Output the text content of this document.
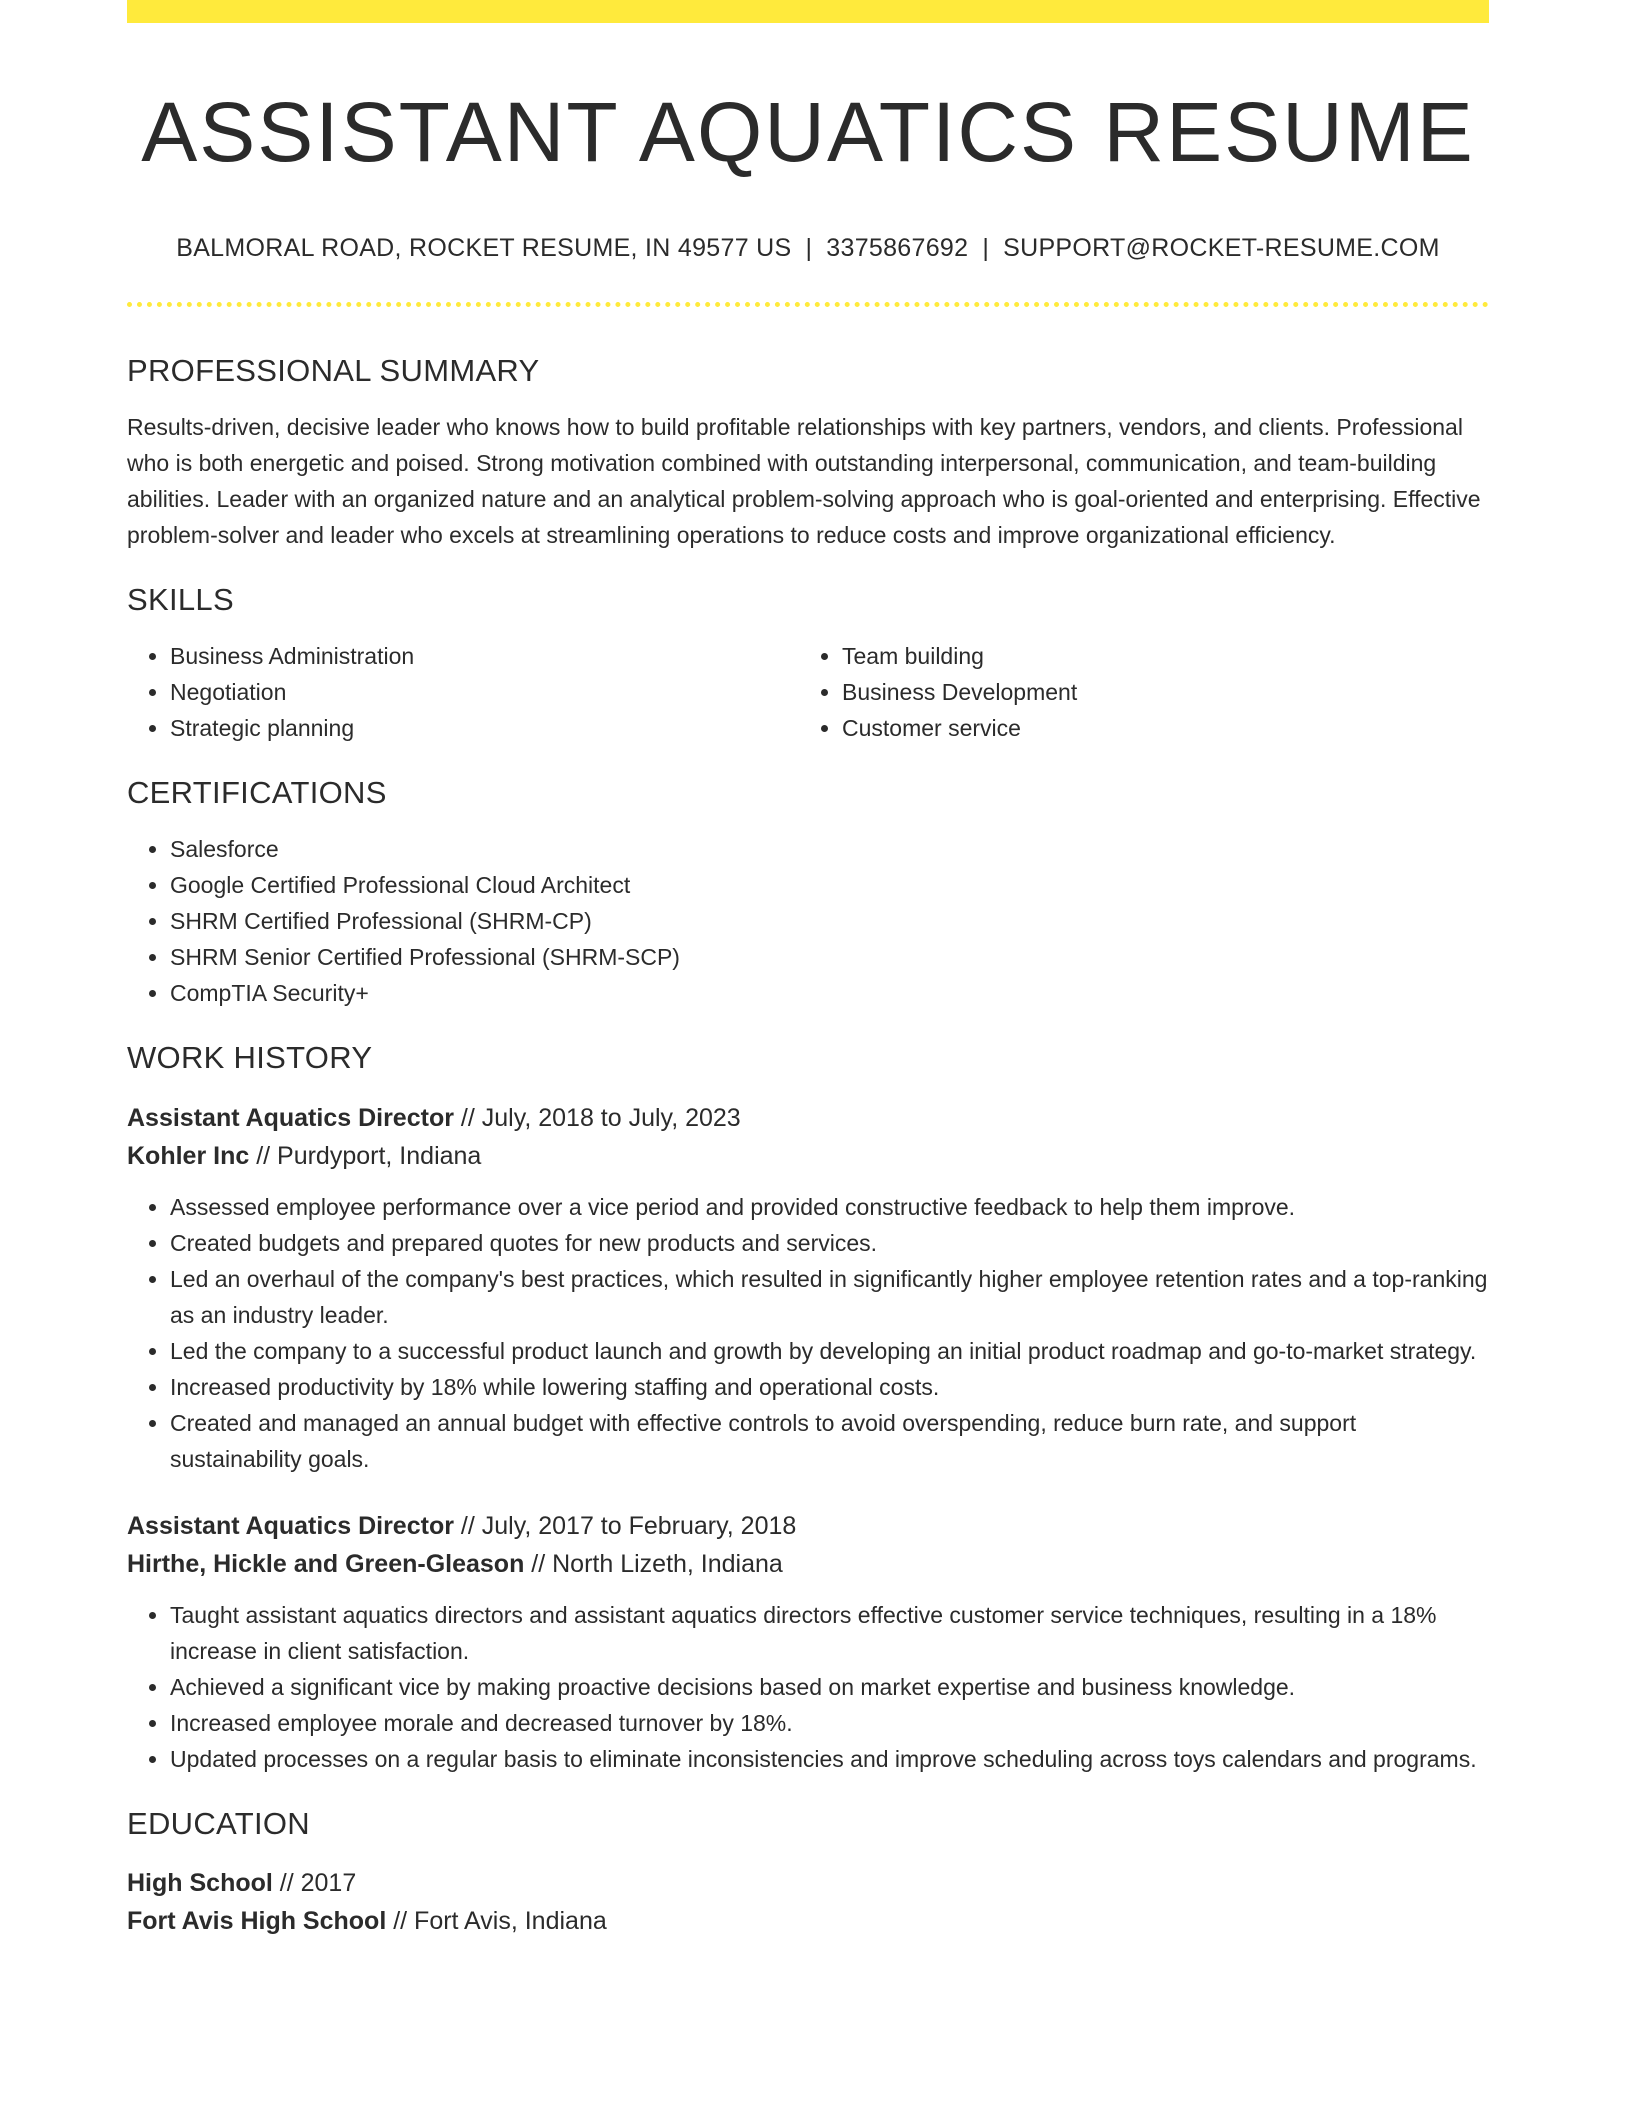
ASSISTANT AQUATICS RESUME
BALMORAL ROAD, ROCKET RESUME, IN 49577 US | 3375867692 | SUPPORT@ROCKET-RESUME.COM
PROFESSIONAL SUMMARY

Results-driven, decisive leader who knows how to build profitable relationships with key partners, vendors, and clients. Professional who is both energetic and poised. Strong motivation combined with outstanding interpersonal, communication, and team-building abilities. Leader with an organized nature and an analytical problem-solving approach who is goal-oriented and enterprising. Effective problem-solver and leader who excels at streamlining operations to reduce costs and improve organizational efficiency.

SKILLS
• Business Administration
• Negotiation
• Strategic planning
• Team building
• Business Development
• Customer service
CERTIFICATIONS
• Salesforce
• Google Certified Professional Cloud Architect
• SHRM Certified Professional (SHRM-CP)
• SHRM Senior Certified Professional (SHRM-SCP)
• CompTIA Security+
WORK HISTORY
Assistant Aquatics Director // July, 2018 to July, 2023
Kohler Inc // Purdyport, Indiana
• Assessed employee performance over a vice period and provided constructive feedback to help them improve.
• Created budgets and prepared quotes for new products and services.
• Led an overhaul of the company's best practices, which resulted in significantly higher employee retention rates and a top-ranking as an industry leader.
• Led the company to a successful product launch and growth by developing an initial product roadmap and go-to-market strategy.
• Increased productivity by 18% while lowering staffing and operational costs.
• Created and managed an annual budget with effective controls to avoid overspending, reduce burn rate, and support sustainability goals.
Assistant Aquatics Director // July, 2017 to February, 2018
Hirthe, Hickle and Green-Gleason // North Lizeth, Indiana
• Taught assistant aquatics directors and assistant aquatics directors effective customer service techniques, resulting in a 18% increase in client satisfaction.
• Achieved a significant vice by making proactive decisions based on market expertise and business knowledge.
• Increased employee morale and decreased turnover by 18%.
• Updated processes on a regular basis to eliminate inconsistencies and improve scheduling across toys calendars and programs.
EDUCATION
High School // 2017
Fort Avis High School // Fort Avis, Indiana
